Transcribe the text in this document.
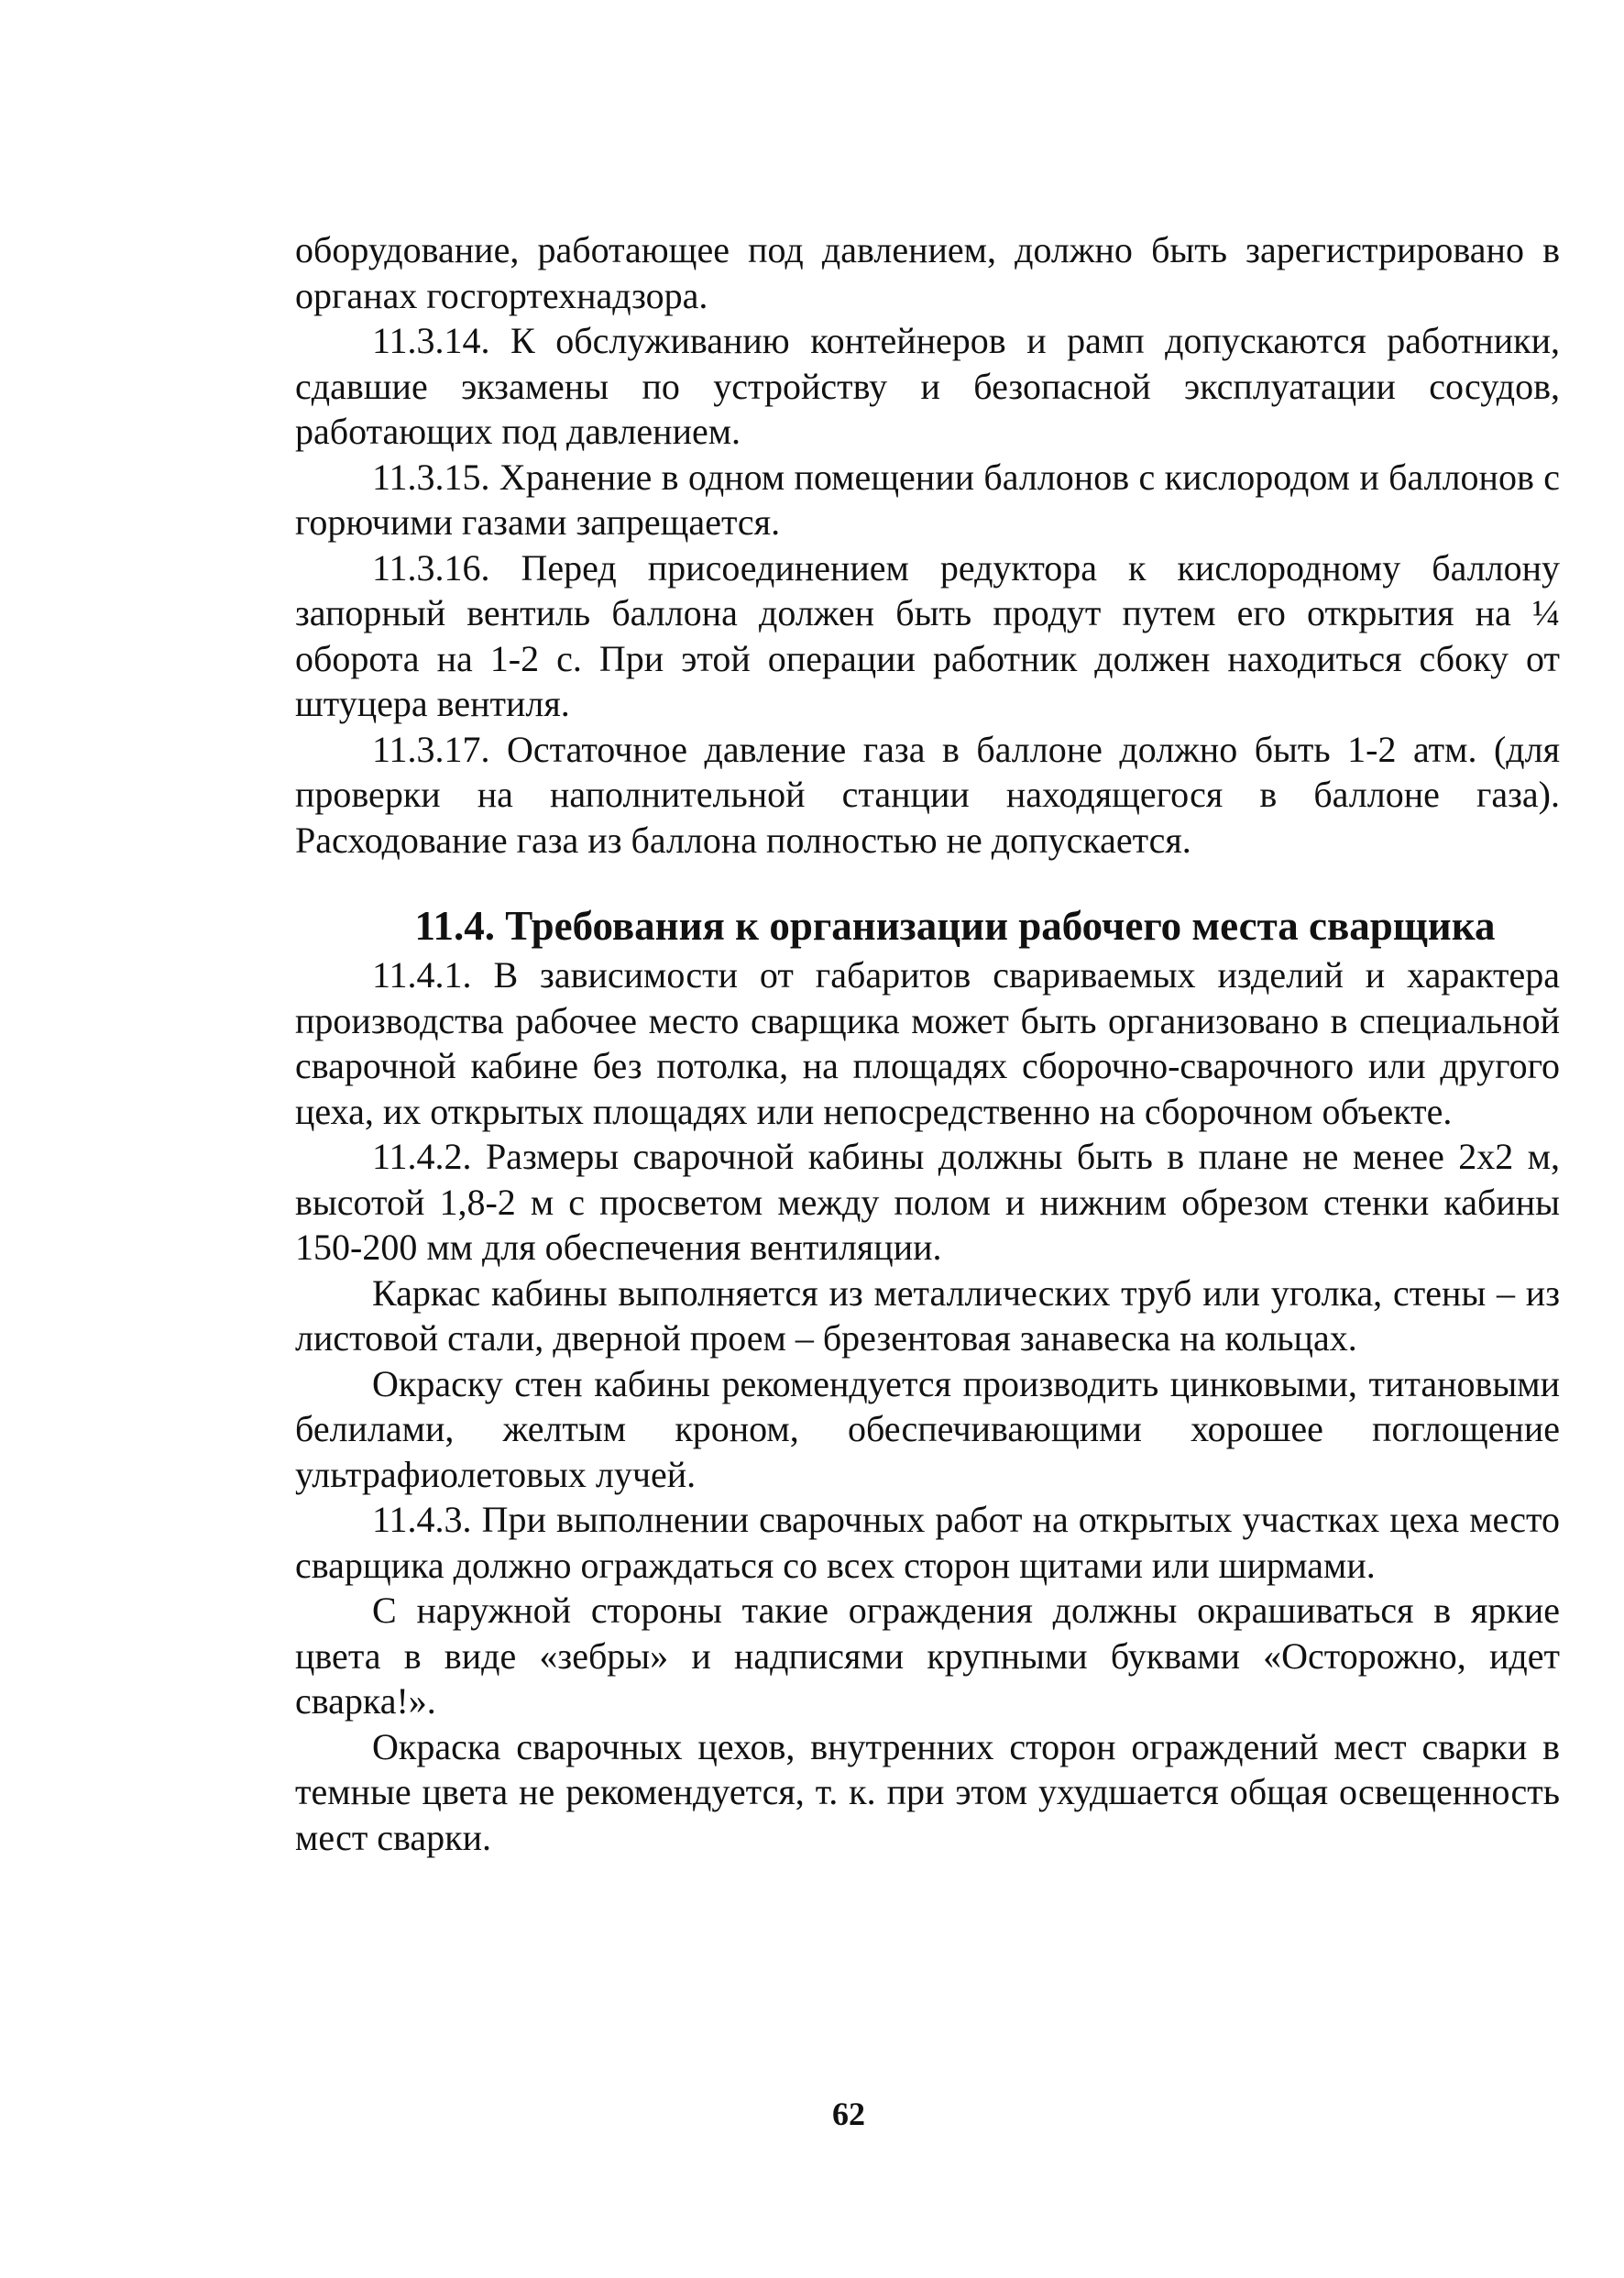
оборудование, работающее под давлением, должно быть зарегистрировано в органах госгортехнадзора.

11.3.14. К обслуживанию контейнеров и рамп допускаются работники, сдавшие экзамены по устройству и безопасной эксплуатации сосудов, работающих под давлением.

11.3.15. Хранение в одном помещении баллонов с кислородом и баллонов с горючими газами запрещается.

11.3.16. Перед присоединением редуктора к кислородному баллону запорный вентиль баллона должен быть продут путем его открытия на ¼ оборота на 1-2 с. При этой операции работник должен находиться сбоку от штуцера вентиля.

11.3.17. Остаточное давление газа в баллоне должно быть 1-2 атм. (для проверки на наполнительной станции находящегося в баллоне газа). Расходование газа из баллона полностью не допускается.

11.4. Требования к организации рабочего места сварщика

11.4.1. В зависимости от габаритов свариваемых изделий и характера производства рабочее место сварщика может быть организовано в специальной сварочной кабине без потолка, на площадях сборочно-сварочного или другого цеха, их открытых площадях или непосредственно на сборочном объекте.

11.4.2. Размеры сварочной кабины должны быть в плане не менее 2х2 м, высотой 1,8-2 м с просветом между полом и нижним обрезом стенки кабины 150-200 мм для обеспечения вентиляции.

Каркас кабины выполняется из металлических труб или уголка, стены – из листовой стали, дверной проем – брезентовая занавеска на кольцах.

Окраску стен кабины рекомендуется производить цинковыми, титановыми белилами, желтым кроном, обеспечивающими хорошее поглощение ультрафиолетовых лучей.

11.4.3. При выполнении сварочных работ на открытых участках цеха место сварщика должно ограждаться со всех сторон щитами или ширмами.

С наружной стороны такие ограждения должны окрашиваться в яркие цвета в виде «зебры» и надписями крупными буквами «Осторожно, идет сварка!».

Окраска сварочных цехов, внутренних сторон ограждений мест сварки в темные цвета не рекомендуется, т. к. при этом ухудшается общая освещенность мест сварки.

62
